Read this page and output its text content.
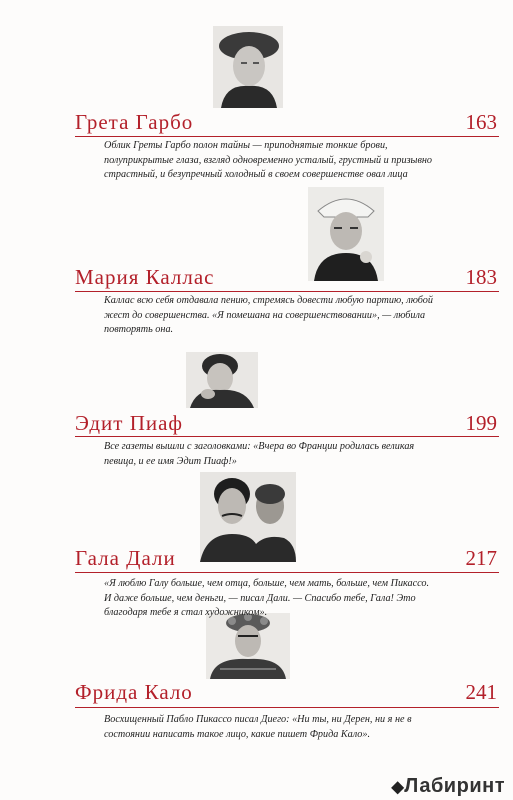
Грета Гарбо	163
Облик Греты Гарбо полон тайны — приподнятые тонкие брови, полуприкрытые глаза, взгляд одновременно усталый, грустный и призывно страстный, и безупречный холодный в своем совершенстве овал лица
Мария Каллас	183
Каллас всю себя отдавала пению, стремясь довести любую партию, любой жест до совершенства. «Я помешана на совершенствовании», — любила повторять она.
Эдит Пиаф	199
Все газеты вышли с заголовками: «Вчера во Франции родилась великая певица, и ее имя Эдит Пиаф!»
Гала Дали	217
«Я люблю Галу больше, чем отца, больше, чем мать, больше, чем Пикассо. И даже больше, чем деньги, — писал Дали. — Спасибо тебе, Гала! Это благодаря тебе я стал художником».
Фрида Кало	241
Восхищенный Пабло Пикассо писал Диего: «Ни ты, ни Дерен, ни я не в состоянии написать такое лицо, какие пишет Фрида Кало».
◆Лабиринт
